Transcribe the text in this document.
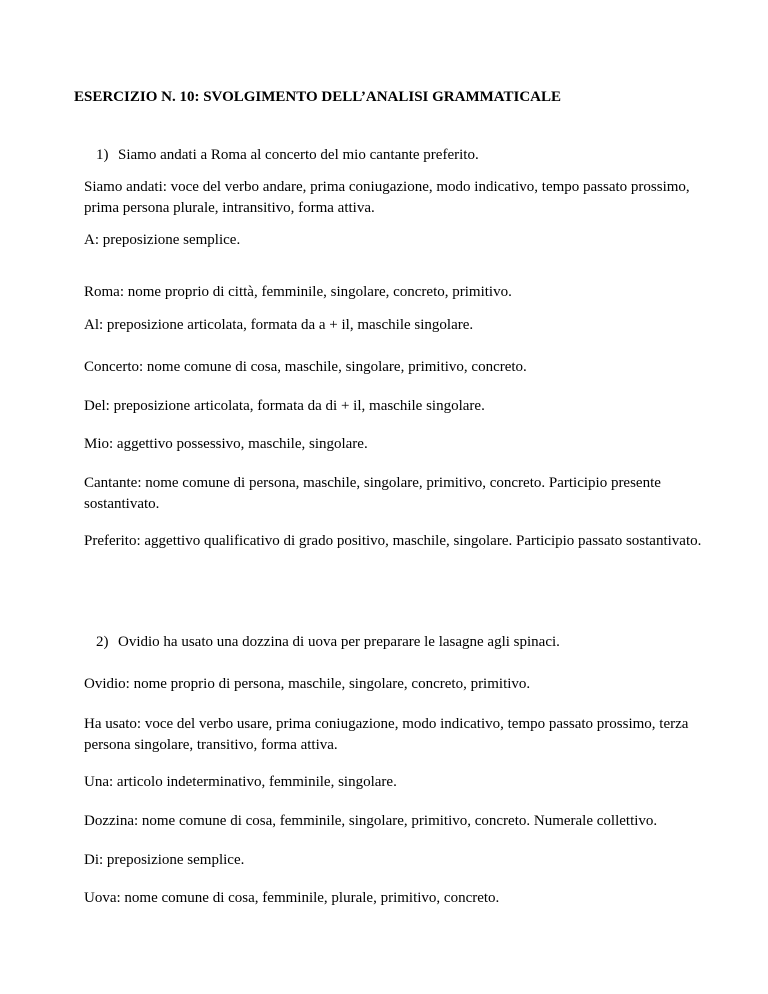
ESERCIZIO N. 10: SVOLGIMENTO DELL’ANALISI GRAMMATICALE
1) Siamo andati a Roma al concerto del mio cantante preferito.

Siamo andati: voce del verbo andare, prima coniugazione, modo indicativo, tempo passato prossimo, prima persona plurale, intransitivo, forma attiva.

A: preposizione semplice.

Roma: nome proprio di città, femminile, singolare, concreto, primitivo.

Al: preposizione articolata, formata da a + il, maschile singolare.

Concerto: nome comune di cosa, maschile, singolare, primitivo, concreto.

Del: preposizione articolata, formata da di + il, maschile singolare.

Mio: aggettivo possessivo, maschile, singolare.

Cantante: nome comune di persona, maschile, singolare, primitivo, concreto. Participio presente sostantivato.

Preferito: aggettivo qualificativo di grado positivo, maschile, singolare. Participio passato sostantivato.

2) Ovidio ha usato una dozzina di uova per preparare le lasagne agli spinaci.

Ovidio: nome proprio di persona, maschile, singolare, concreto, primitivo.

Ha usato: voce del verbo usare, prima coniugazione, modo indicativo, tempo passato prossimo, terza persona singolare, transitivo, forma attiva.

Una: articolo indeterminativo, femminile, singolare.

Dozzina: nome comune di cosa, femminile, singolare, primitivo, concreto. Numerale collettivo.

Di: preposizione semplice.

Uova: nome comune di cosa, femminile, plurale, primitivo, concreto.
